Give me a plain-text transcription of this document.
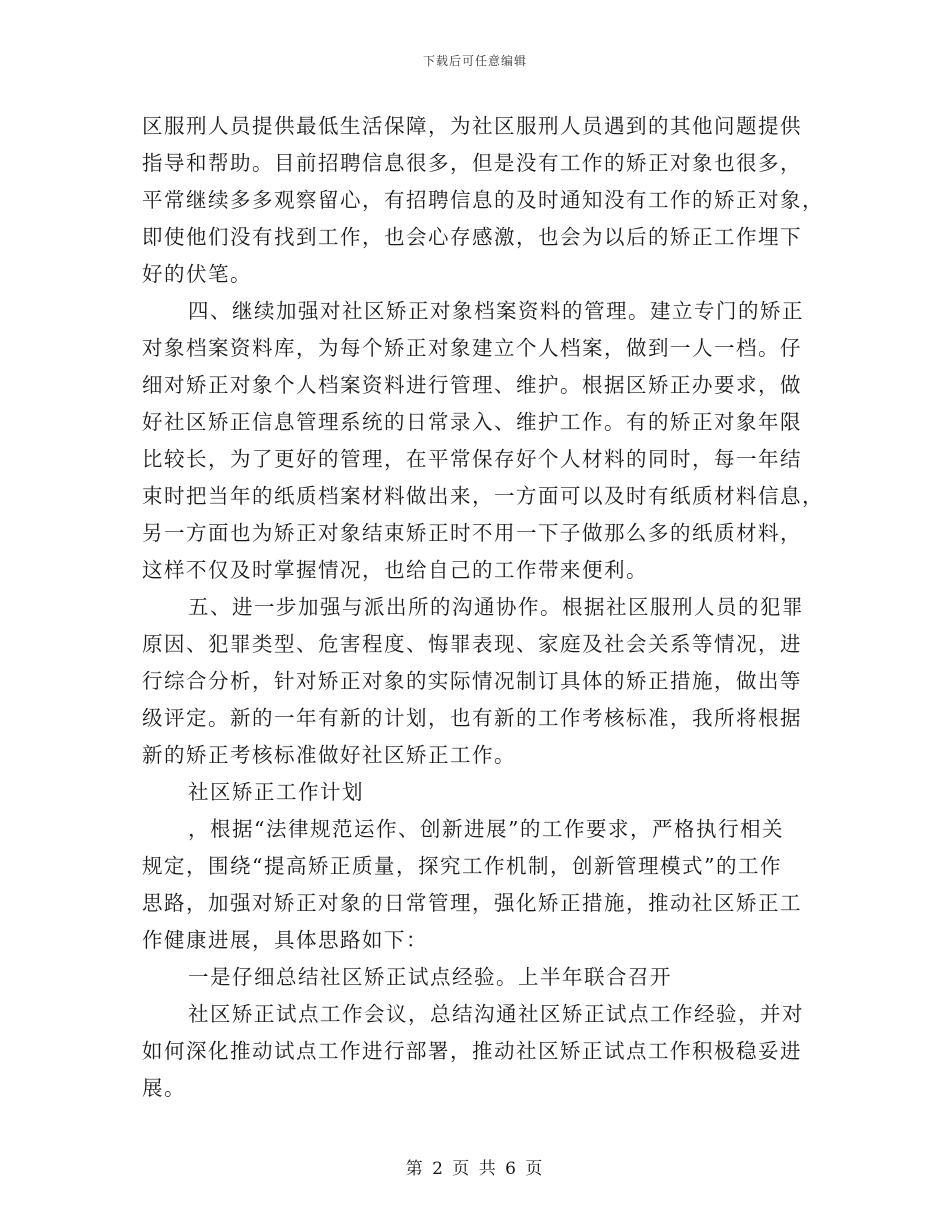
下载后可任意编辑
区服刑人员提供最低生活保障，为社区服刑人员遇到的其他问题提供
指导和帮助。目前招聘信息很多，但是没有工作的矫正对象也很多，
平常继续多多观察留心，有招聘信息的及时通知没有工作的矫正对象，
即使他们没有找到工作，也会心存感激，也会为以后的矫正工作埋下
好的伏笔。
四、继续加强对社区矫正对象档案资料的管理。建立专门的矫正
对象档案资料库，为每个矫正对象建立个人档案，做到一人一档。仔
细对矫正对象个人档案资料进行管理、维护。根据区矫正办要求，做
好社区矫正信息管理系统的日常录入、维护工作。有的矫正对象年限
比较长，为了更好的管理，在平常保存好个人材料的同时，每一年结
束时把当年的纸质档案材料做出来，一方面可以及时有纸质材料信息，
另一方面也为矫正对象结束矫正时不用一下子做那么多的纸质材料，
这样不仅及时掌握情况，也给自己的工作带来便利。
五、进一步加强与派出所的沟通协作。根据社区服刑人员的犯罪
原因、犯罪类型、危害程度、悔罪表现、家庭及社会关系等情况，进
行综合分析，针对矫正对象的实际情况制订具体的矫正措施，做出等
级评定。新的一年有新的计划，也有新的工作考核标准，我所将根据
新的矫正考核标准做好社区矫正工作。
社区矫正工作计划
，根据“法律规范运作、创新进展”的工作要求，严格执行相关
规定，围绕“提高矫正质量，探究工作机制，创新管理模式”的工作
思路，加强对矫正对象的日常管理，强化矫正措施，推动社区矫正工
作健康进展，具体思路如下：
一是仔细总结社区矫正试点经验。上半年联合召开
社区矫正试点工作会议，总结沟通社区矫正试点工作经验，并对
如何深化推动试点工作进行部署，推动社区矫正试点工作积极稳妥进
展。
第 2 页 共 6 页
